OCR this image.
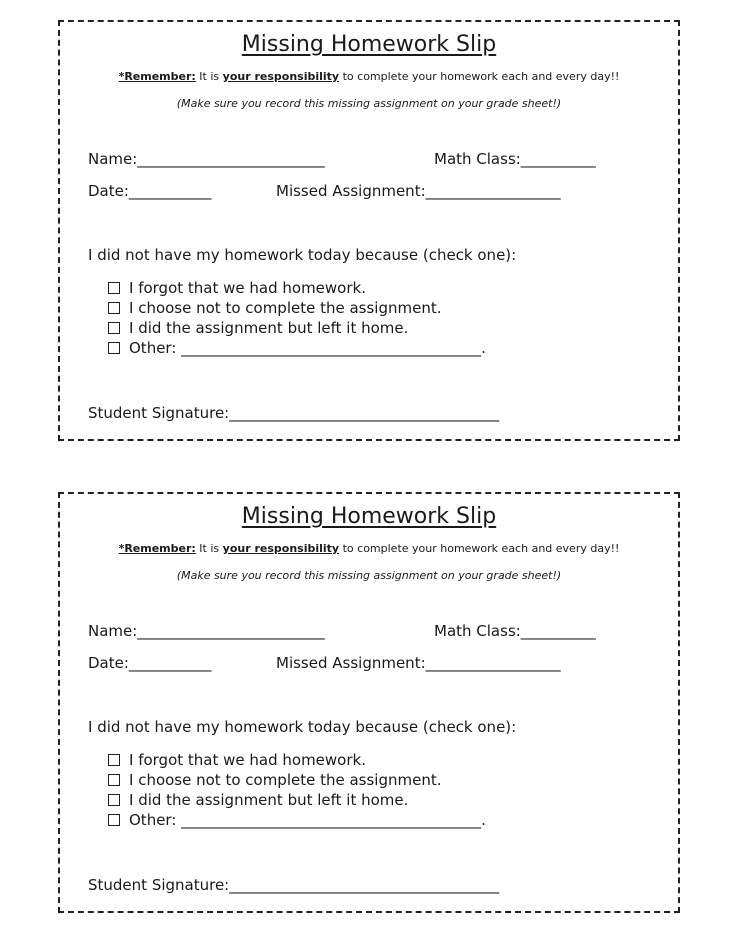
Missing Homework Slip
*Remember: It is your responsibility to complete your homework each and every day!!
(Make sure you record this missing assignment on your grade sheet!)
Name:_________________________	Math Class:__________
Date:___________	Missed Assignment:__________________
I did not have my homework today because (check one):
I forgot that we had homework.
I choose not to complete the assignment.
I did the assignment but left it home.
Other: ________________________________________.
Student Signature:____________________________________
Missing Homework Slip
*Remember: It is your responsibility to complete your homework each and every day!!
(Make sure you record this missing assignment on your grade sheet!)
Name:_________________________	Math Class:__________
Date:___________	Missed Assignment:__________________
I did not have my homework today because (check one):
I forgot that we had homework.
I choose not to complete the assignment.
I did the assignment but left it home.
Other: ________________________________________.
Student Signature:____________________________________
